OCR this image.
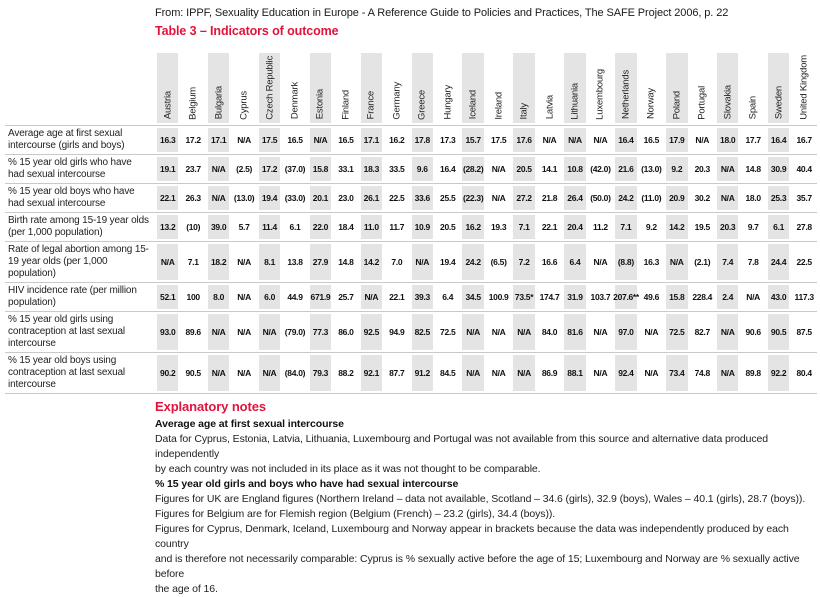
From: IPPF, Sexuality Education in Europe - A Reference Guide to Policies and Practices, The SAFE Project 2006, p. 22
Table 3 – Indicators of outcome

	Austria	Belgium	Bulgaria	Cyprus	Czech Republic	Denmark	Estonia	Finland	France	Germany	Greece	Hungary	Iceland	Ireland	Italy	Latvia	Lithuania	Luxembourg	Netherlands	Norway	Poland	Portugal	Slovakia	Spain	Sweden	United Kingdom

Average age at first sexual intercourse (girls and boys)	16.3	17.2	17.1	N/A	17.5	16.5	N/A	16.5	17.1	16.2	17.8	17.3	15.7	17.5	17.6	N/A	N/A	N/A	16.4	16.5	17.9	N/A	18.0	17.7	16.4	16.7
% 15 year old girls who have had sexual intercourse	19.1	23.7	N/A	(2.5)	17.2	(37.0)	15.8	33.1	18.3	33.5	9.6	16.4	(28.2)	N/A	20.5	14.1	10.8	(42.0)	21.6	(13.0)	9.2	20.3	N/A	14.8	30.9	40.4
% 15 year old boys who have had sexual intercourse	22.1	26.3	N/A	(13.0)	19.4	(33.0)	20.1	23.0	26.1	22.5	33.6	25.5	(22.3)	N/A	27.2	21.8	26.4	(50.0)	24.2	(11.0)	20.9	30.2	N/A	18.0	25.3	35.7
Birth rate among 15-19 year olds (per 1,000 population)	13.2	(10)	39.0	5.7	11.4	6.1	22.0	18.4	11.0	11.7	10.9	20.5	16.2	19.3	7.1	22.1	20.4	11.2	7.1	9.2	14.2	19.5	20.3	9.7	6.1	27.8
Rate of legal abortion among 15-19 year olds (per 1,000 population)	N/A	7.1	18.2	N/A	8.1	13.8	27.9	14.8	14.2	7.0	N/A	19.4	24.2	(6.5)	7.2	16.6	6.4	N/A	(8.8)	16.3	N/A	(2.1)	7.4	7.8	24.4	22.5
HIV incidence rate (per million population)	52.1	100	8.0	N/A	6.0	44.9	671.9	25.7	N/A	22.1	39.3	6.4	34.5	100.9	73.5*	174.7	31.9	103.7	207.6**	49.6	15.8	228.4	2.4	N/A	43.0	117.3
% 15 year old girls using contraception at last sexual intercourse	93.0	89.6	N/A	N/A	N/A	(79.0)	77.3	86.0	92.5	94.9	82.5	72.5	N/A	N/A	N/A	84.0	81.6	N/A	97.0	N/A	72.5	82.7	N/A	90.6	90.5	87.5
% 15 year old boys using contraception at last sexual intercourse	90.2	90.5	N/A	N/A	N/A	(84.0)	79.3	88.2	92.1	87.7	91.2	84.5	N/A	N/A	N/A	86.9	88.1	N/A	92.4	N/A	73.4	74.8	N/A	89.8	92.2	80.4
Explanatory notes
Average age at first sexual intercourse
Data for Cyprus, Estonia, Latvia, Lithuania, Luxembourg and Portugal was not available from this source and alternative data produced independently
by each country was not included in its place as it was not thought to be comparable.
% 15 year old girls and boys who have had sexual intercourse
Figures for UK are England figures (Northern Ireland – data not available, Scotland – 34.6 (girls), 32.9 (boys), Wales – 40.1 (girls), 28.7 (boys)).
Figures for Belgium are for Flemish region (Belgium (French) – 23.2 (girls), 34.4 (boys)).
Figures for Cyprus, Denmark, Iceland, Luxembourg and Norway appear in brackets because the data was independently produced by each country
and is therefore not necessarily comparable: Cyprus is % sexually active before the age of 15; Luxembourg and Norway are % sexually active before
the age of 16.
